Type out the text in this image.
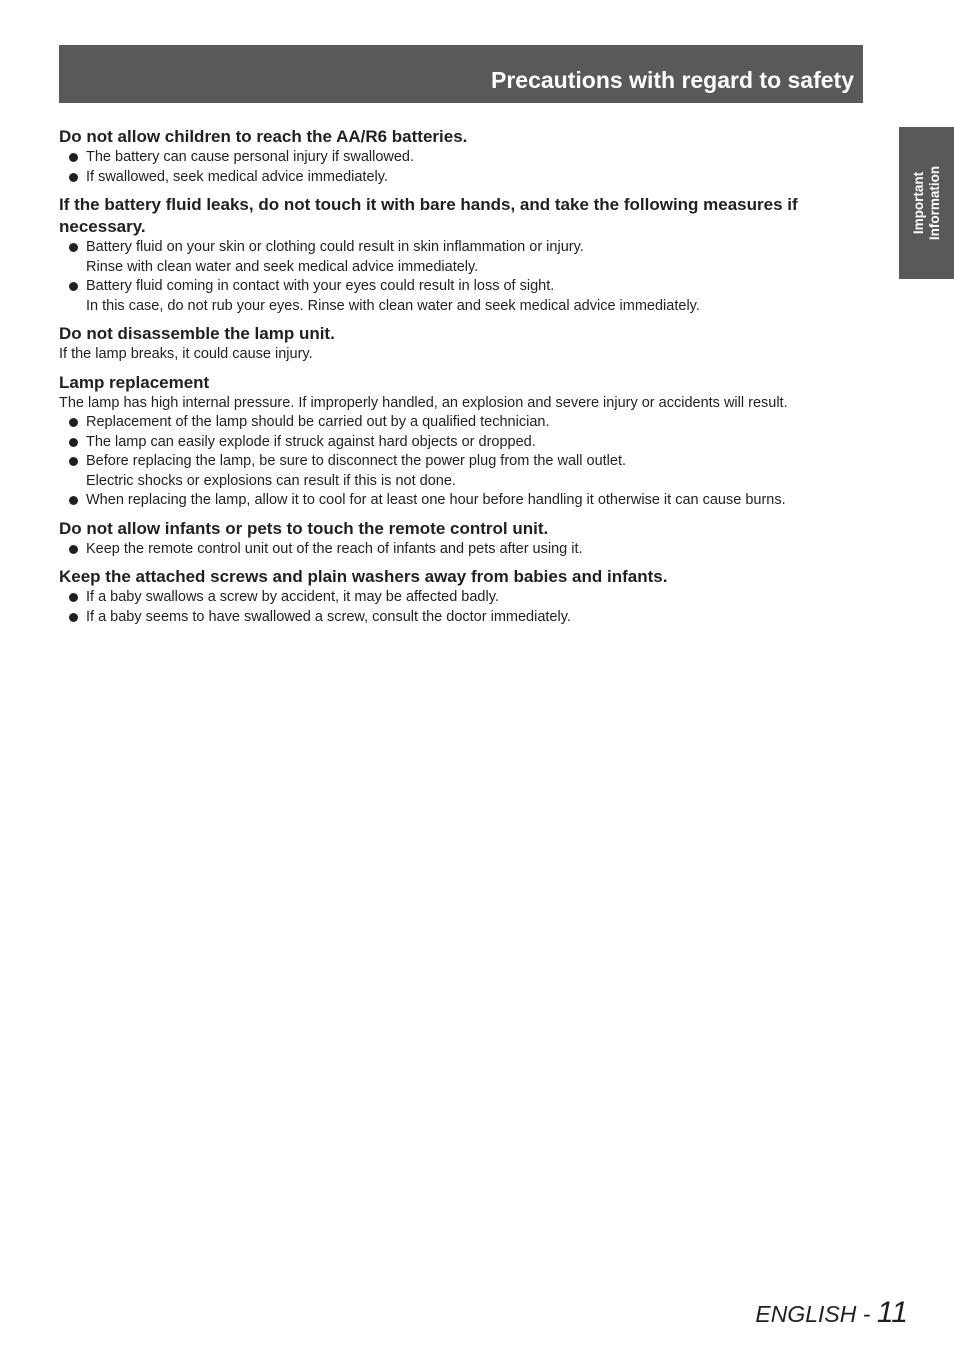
Precautions with regard to safety
Important Information
Do not allow children to reach the AA/R6 batteries.
The battery can cause personal injury if swallowed.
If swallowed, seek medical advice immediately.
If the battery fluid leaks, do not touch it with bare hands, and take the following measures if necessary.
Battery fluid on your skin or clothing could result in skin inflammation or injury.
Rinse with clean water and seek medical advice immediately.
Battery fluid coming in contact with your eyes could result in loss of sight.
In this case, do not rub your eyes. Rinse with clean water and seek medical advice immediately.
Do not disassemble the lamp unit.

If the lamp breaks, it could cause injury.

Lamp replacement

The lamp has high internal pressure. If improperly handled, an explosion and severe injury or accidents will result.

Replacement of the lamp should be carried out by a qualified technician.
The lamp can easily explode if struck against hard objects or dropped.
Before replacing the lamp, be sure to disconnect the power plug from the wall outlet.
Electric shocks or explosions can result if this is not done.
When replacing the lamp, allow it to cool for at least one hour before handling it otherwise it can cause burns.
Do not allow infants or pets to touch the remote control unit.
Keep the remote control unit out of the reach of infants and pets after using it.
Keep the attached screws and plain washers away from babies and infants.
If a baby swallows a screw by accident, it may be affected badly.
If a baby seems to have swallowed a screw, consult the doctor immediately.
ENGLISH - 11
